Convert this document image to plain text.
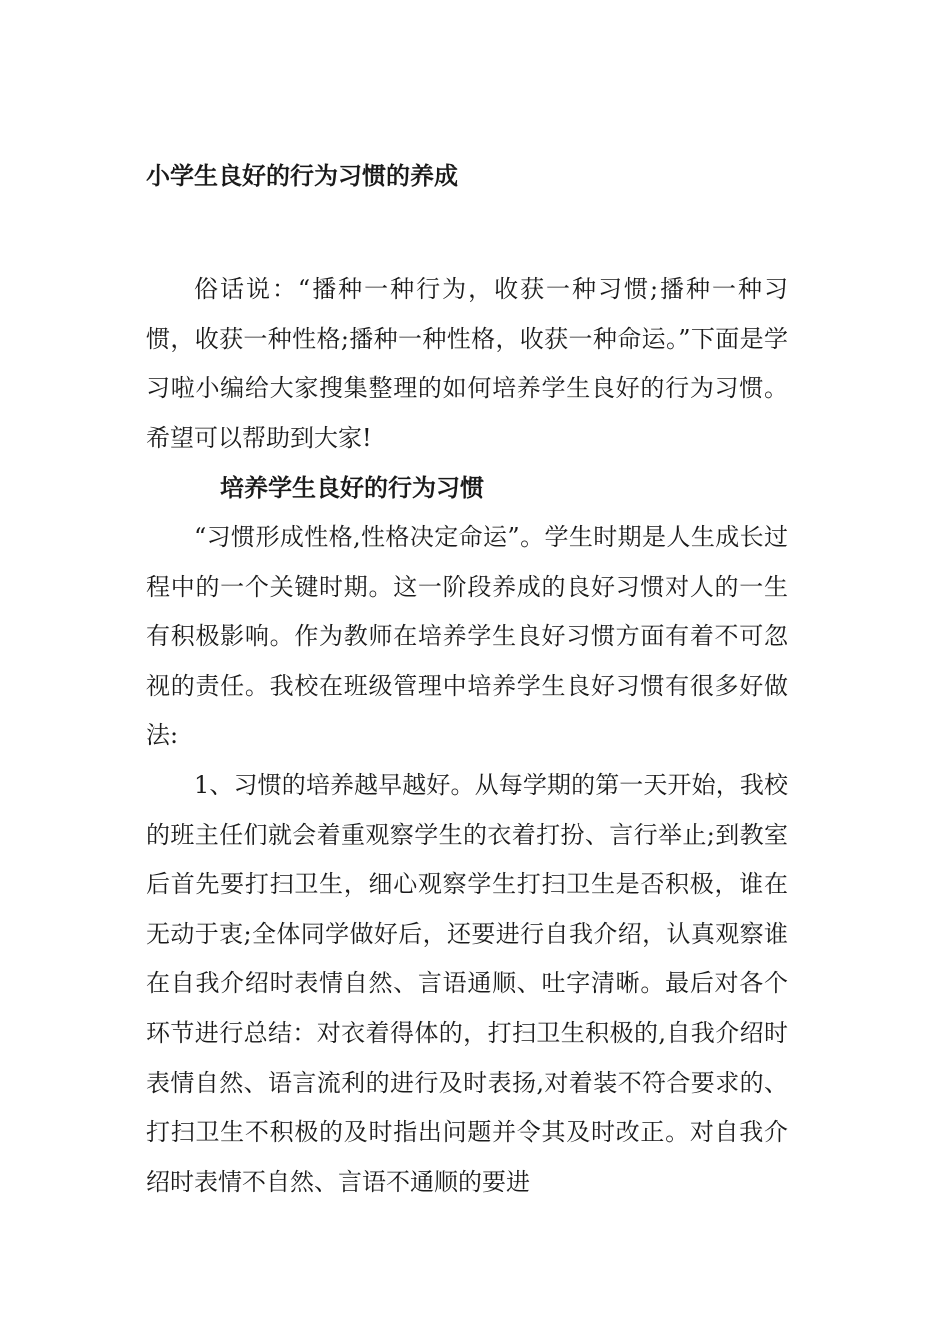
小学生良好的行为习惯的养成

俗话说：“播种一种行为，收获一种习惯;播种一种习惯，收获一种性格;播种一种性格，收获一种命运。”下面是学习啦小编给大家搜集整理的如何培养学生良好的行为习惯。希望可以帮助到大家!

培养学生良好的行为习惯

“习惯形成性格,性格决定命运”。学生时期是人生成长过程中的一个关键时期。这一阶段养成的良好习惯对人的一生有积极影响。作为教师在培养学生良好习惯方面有着不可忽视的责任。我校在班级管理中培养学生良好习惯有很多好做法:

1、习惯的培养越早越好。从每学期的第一天开始，我校的班主任们就会着重观察学生的衣着打扮、言行举止;到教室后首先要打扫卫生，细心观察学生打扫卫生是否积极，谁在无动于衷;全体同学做好后，还要进行自我介绍，认真观察谁在自我介绍时表情自然、言语通顺、吐字清晰。最后对各个环节进行总结：对衣着得体的，打扫卫生积极的,自我介绍时表情自然、语言流利的进行及时表扬,对着装不符合要求的、打扫卫生不积极的及时指出问题并令其及时改正。对自我介绍时表情不自然、言语不通顺的要进
